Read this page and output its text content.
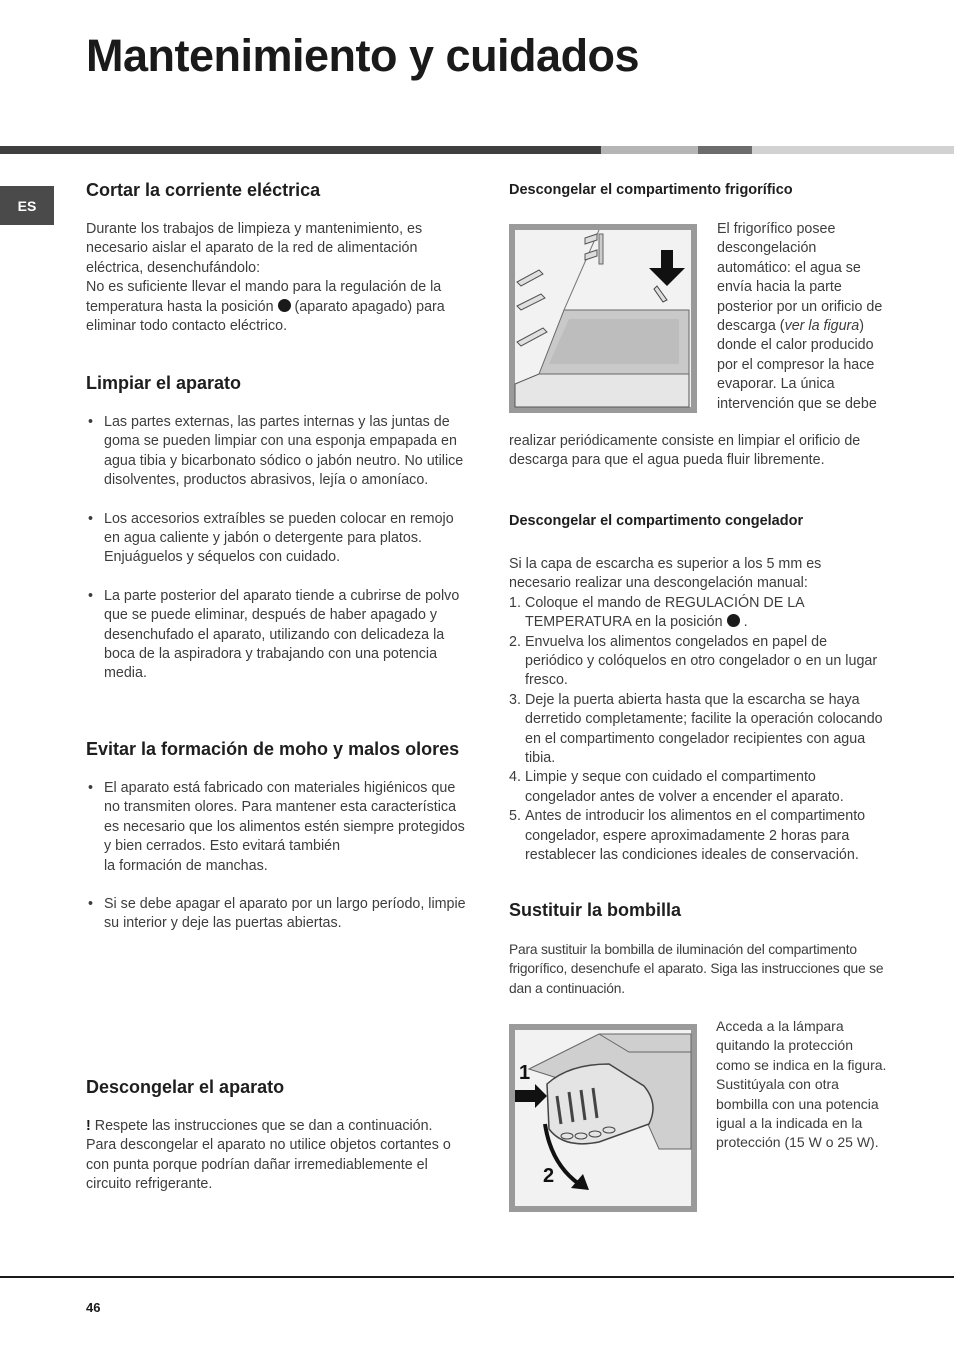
Mantenimiento y cuidados
ES
Cortar la corriente eléctrica

Durante los trabajos de limpieza y mantenimiento, es necesario aislar el aparato de la red de alimentación eléctrica, desenchufándolo:

No es suficiente llevar el mando para la regulación de la temperatura hasta la posición (aparato apagado) para eliminar todo contacto eléctrico.

Limpiar el aparato

• Las partes externas, las partes internas y las juntas de goma se pueden limpiar con una esponja empapada en agua tibia y bicarbonato sódico o jabón neutro. No utilice disolventes, productos abrasivos, lejía o amoníaco.

• Los accesorios extraíbles se pueden colocar en remojo en agua caliente y jabón o detergente para platos. Enjuáguelos y séquelos con cuidado.

• La parte posterior del aparato tiende a cubrirse de polvo que se puede eliminar, después de haber apagado y desenchufado el aparato, utilizando con delicadeza la boca de la aspiradora y trabajando con una potencia media.

Evitar la formación de moho y malos olores
• El aparato está fabricado con materiales higiénicos que no transmiten olores. Para mantener esta característica es necesario que los alimentos estén siempre protegidos y bien cerrados. Esto evitará también
la formación de manchas.

• Si se debe apagar el aparato por un largo período, limpie su interior y deje las puertas abiertas.

Descongelar el aparato

! Respete las instrucciones que se dan a continuación.

Para descongelar el aparato no utilice objetos cortantes o con punta porque podrían dañar irremediablemente el circuito refrigerante.

Descongelar el compartimento frigorífico
El frigorífico posee descongelación automático: el agua se envía hacia la parte posterior por un orificio de descarga (ver la figura) donde el calor producido por el compresor la hace evaporar. La única intervención que se debe

realizar periódicamente consiste en limpiar el orificio de descarga para que el agua pueda fluir libremente.

Descongelar el compartimento congelador

Si la capa de escarcha es superior a los 5 mm es necesario realizar una descongelación manual:

1. Coloque el mando de REGULACIÓN DE LA TEMPERATURA en la posición .
2. Envuelva los alimentos congelados en papel de periódico y colóquelos en otro congelador o en un lugar fresco.
3. Deje la puerta abierta hasta que la escarcha se haya derretido completamente; facilite la operación colocando en el compartimento congelador recipientes con agua tibia.
4. Limpie y seque con cuidado el compartimento congelador antes de volver a encender el aparato.
5. Antes de introducir los alimentos en el compartimento congelador, espere aproximadamente 2 horas para restablecer las condiciones ideales de conservación.
Sustituir la bombilla

Para sustituir la bombilla de iluminación del compartimento frigorífico, desenchufe el aparato. Siga las instrucciones que se dan a continuación.

1
2

Acceda a la lámpara quitando la protección como se indica en la figura. Sustitúyala con otra bombilla con una potencia igual a la indicada en la protección (15 W o 25 W).

46
